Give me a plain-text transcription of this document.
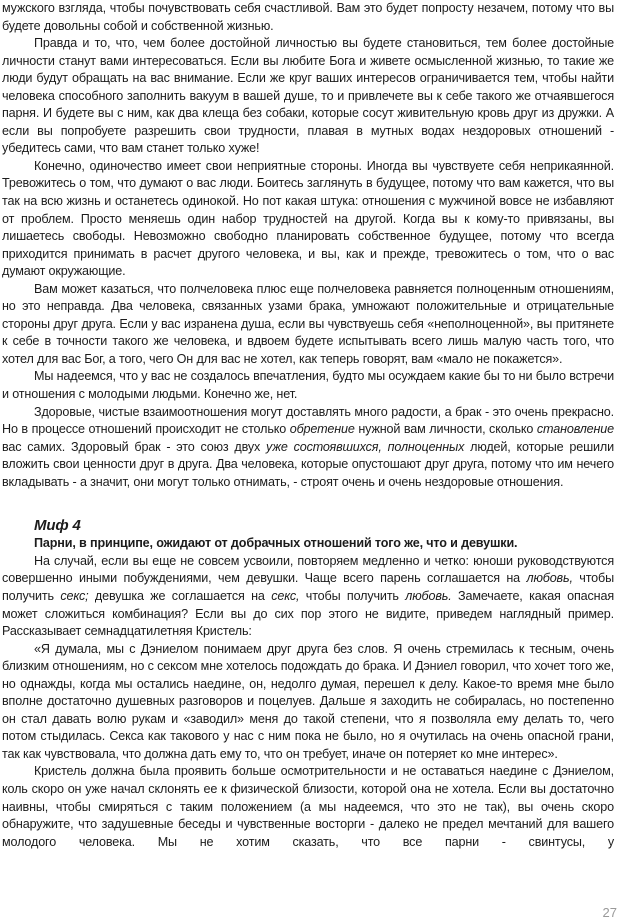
мужского взгляда, чтобы почувствовать себя счастливой. Вам это будет попросту незачем, потому что вы будете довольны собой и собственной жизнью.

Правда и то, что, чем более достойной личностью вы будете становиться, тем более достойные личности станут вами интересоваться. Если вы любите Бога и живете осмысленной жизнью, то такие же люди будут обращать на вас внимание. Если же круг ваших интересов ограничивается тем, чтобы найти человека способного заполнить вакуум в вашей душе, то и привлечете вы к себе такого же отчаявшегося парня. И будете вы с ним, как два клеща без собаки, которые сосут живительную кровь друг из дружки. А если вы попробуете разрешить свои трудности, плавая в мутных водах нездоровых отношений - убедитесь сами, что вам станет только хуже!

Конечно, одиночество имеет свои неприятные стороны. Иногда вы чувствуете себя неприкаянной. Тревожитесь о том, что думают о вас люди. Боитесь заглянуть в будущее, потому что вам кажется, что вы так на всю жизнь и останетесь одинокой. Но пот какая штука: отношения с мужчиной вовсе не избавляют от проблем. Просто меняешь один набор трудностей на другой. Когда вы к кому-то привязаны, вы лишаетесь свободы. Невозможно свободно планировать собственное будущее, потому что всегда приходится принимать в расчет другого человека, и вы, как и прежде, тревожитесь о том, что о вас думают окружающие.

Вам может казаться, что полчеловека плюс еще полчеловека равняется полноценным отношениям, но это неправда. Два человека, связанных узами брака, умножают положительные и отрицательные стороны друг друга. Если у вас изранена душа, если вы чувствуешь себя «неполноценной», вы притянете к себе в точности такого же человека, и вдвоем будете испытывать всего лишь малую часть того, что хотел для вас Бог, а того, чего Он для вас не хотел, как теперь говорят, вам «мало не покажется».

Мы надеемся, что у вас не создалось впечатления, будто мы осуждаем какие бы то ни было встречи и отношения с молодыми людьми. Конечно же, нет.

Здоровые, чистые взаимоотношения могут доставлять много радости, а брак - это очень прекрасно. Но в процессе отношений происходит не столько обретение нужной вам личности, сколько становление вас самих. Здоровый брак - это союз двух уже состоявшихся, полноценных людей, которые решили вложить свои ценности друг в друга. Два человека, которые опустошают друг друга, потому что им нечего вкладывать - а значит, они могут только отнимать, - строят очень и очень нездоровые отношения.

Миф 4

Парни, в принципе, ожидают от добрачных отношений того же, что и девушки.

На случай, если вы еще не совсем усвоили, повторяем медленно и четко: юноши руководствуются совершенно иными побуждениями, чем девушки. Чаще всего парень соглашается на любовь, чтобы получить секс; девушка же соглашается на секс, чтобы получить любовь. Замечаете, какая опасная может сложиться комбинация? Если вы до сих пор этого не видите, приведем наглядный пример. Рассказывает семнадцатилетняя Кристель:

«Я думала, мы с Дэниелом понимаем друг друга без слов. Я очень стремилась к тесным, очень близким отношениям, но с сексом мне хотелось подождать до брака. И Дэниел говорил, что хочет того же, но однажды, когда мы остались наедине, он, недолго думая, перешел к делу. Какое-то время мне было вполне достаточно душевных разговоров и поцелуев. Дальше я заходить не собиралась, но постепенно он стал давать волю рукам и «заводил» меня до такой степени, что я позволяла ему делать то, чего потом стыдилась. Секса как такового у нас с ним пока не было, но я очутилась на очень опасной грани, так как чувствовала, что должна дать ему то, что он требует, иначе он потеряет ко мне интерес».

Кристель должна была проявить больше осмотрительности и не оставаться наедине с Дэниелом, коль скоро он уже начал склонять ее к физической близости, которой она не хотела. Если вы достаточно наивны, чтобы смиряться с таким положением (а мы надеемся, что это не так), вы очень скоро обнаружите, что задушевные беседы и чувственные восторги - далеко не предел мечтаний для вашего молодого человека. Мы не хотим сказать, что все парни - свинтусы, у

27
